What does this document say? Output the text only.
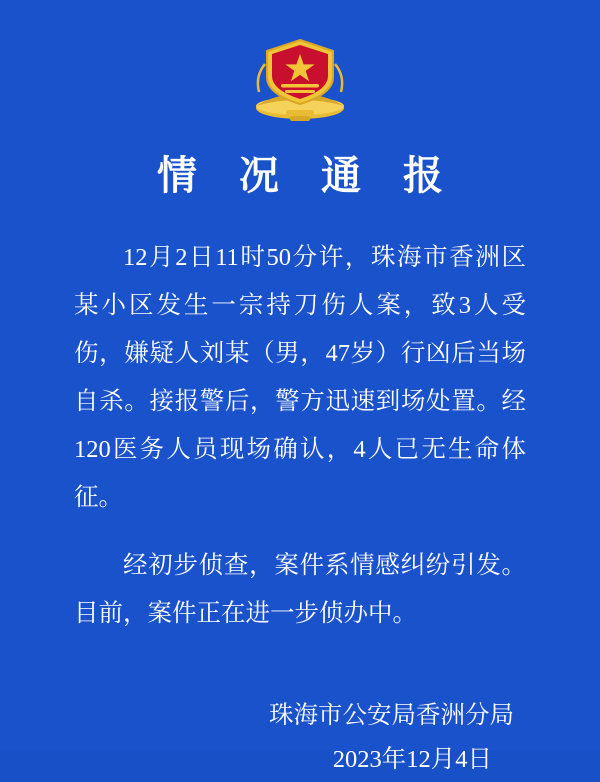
情 况 通 报

12月2日11时50分许，珠海市香洲区某小区发生一宗持刀伤人案，致3人受伤，嫌疑人刘某（男，47岁）行凶后当场自杀。接报警后，警方迅速到场处置。经120医务人员现场确认，4人已无生命体征。

经初步侦查，案件系情感纠纷引发。目前，案件正在进一步侦办中。

珠海市公安局香洲分局
2023年12月4日
